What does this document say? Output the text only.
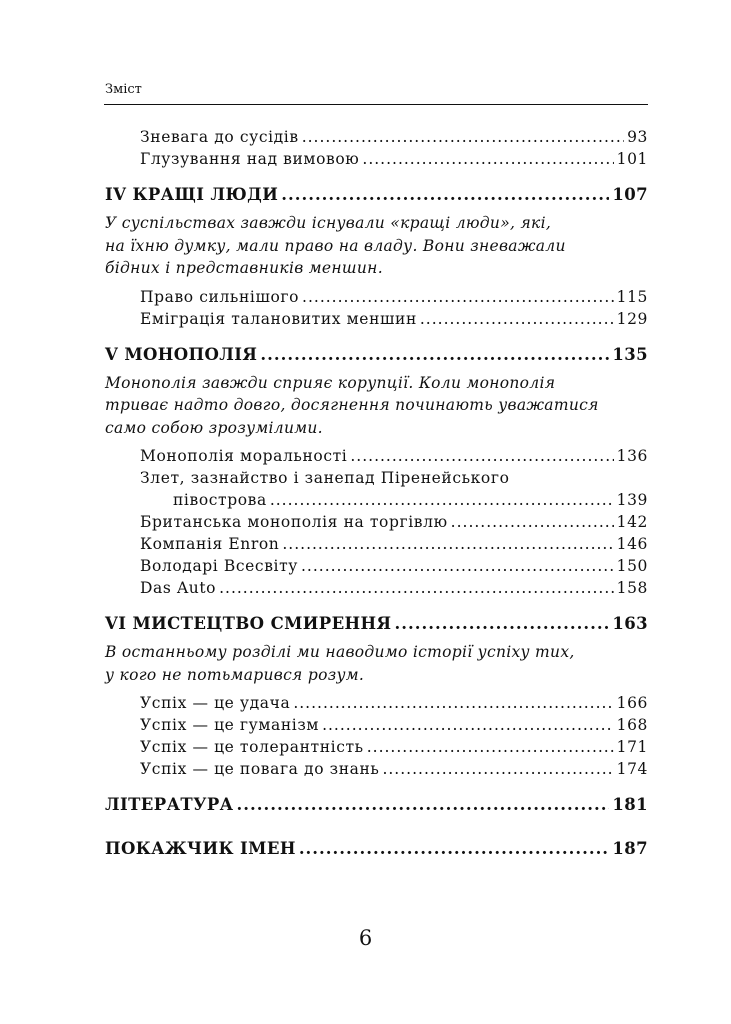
Зміст
Зневага до сусідів .....	93
Глузування над вимовою .....	101
IV КРАЩІ ЛЮДИ .....	107
У суспільствах завжди існували «кращі люди», які,
на їхню думку, мали право на владу. Вони зневажали
бідних і представників меншин.
Право сильнішого .....	115
Еміграція талановитих меншин .....	129
V МОНОПОЛІЯ .....	135
Монополія завжди сприяє корупції. Коли монополія
триває надто довго, досягнення починають уважатися
само собою зрозумілими.
Монополія моральності .....	136
Злет, зазнайство і занепад Піренейського
півострова .....	139
Британська монополія на торгівлю .....	142
Компанія Enron .....	146
Володарі Всесвіту .....	150
Das Auto .....	158
VI МИСТЕЦТВО СМИРЕННЯ .....	163
В останньому розділі ми наводимо історії успіху тих,
у кого не потьмарився розум.
Успіх — це удача .....	166
Успіх — це гуманізм .....	168
Успіх — це толерантність .....	171
Успіх — це повага до знань .....	174
ЛІТЕРАТУРА .....	181
ПОКАЖЧИК ІМЕН .....	187
6
